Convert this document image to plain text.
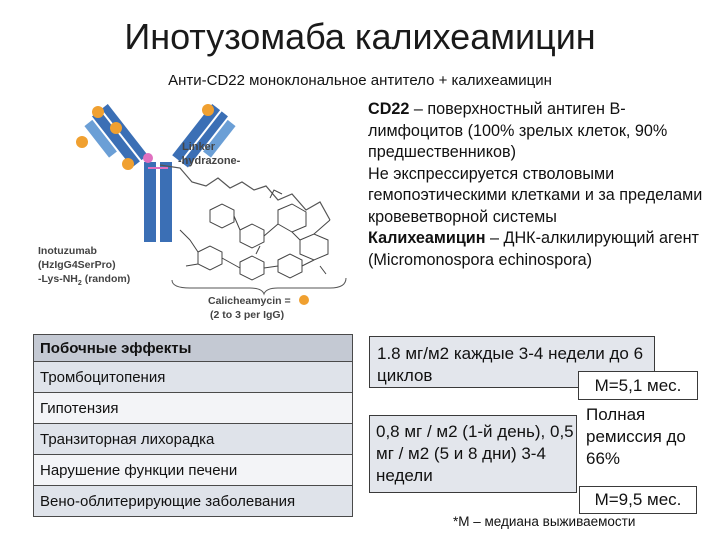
Инотузомаба калихеамицин
Анти-CD22 моноклональное антитело + калихеамицин
Linker
-hydrazone-
Inotuzumab
(HzIgG4SerPro)
$-Lys-NH_2$ (random)
Calicheamycin =
(2 to 3 per IgG)
CD22 – поверхностный антиген В-лимфоцитов (100% зрелых клеток, 90% предшественников)
Не экспрессируется стволовыми гемопоэтическими клетками и за пределами кровеветворной системы
Калихеамицин – ДНК-алкилирующий агент (Micromonospora echinospora)
Побочные эффекты
Тромбоцитопения
Гипотензия
Транзиторная лихорадка
Нарушение функции печени
Вено-облитерирующие заболевания
1.8 мг/м2 каждые 3-4 недели до 6 циклов
М=5,1 мес.
0,8 мг / м2 (1-й день), 0,5 мг / м2 (5 и 8 дни) 3-4 недели
Полная ремиссия до 66%
М=9,5 мес.
*М – медиана выживаемости
